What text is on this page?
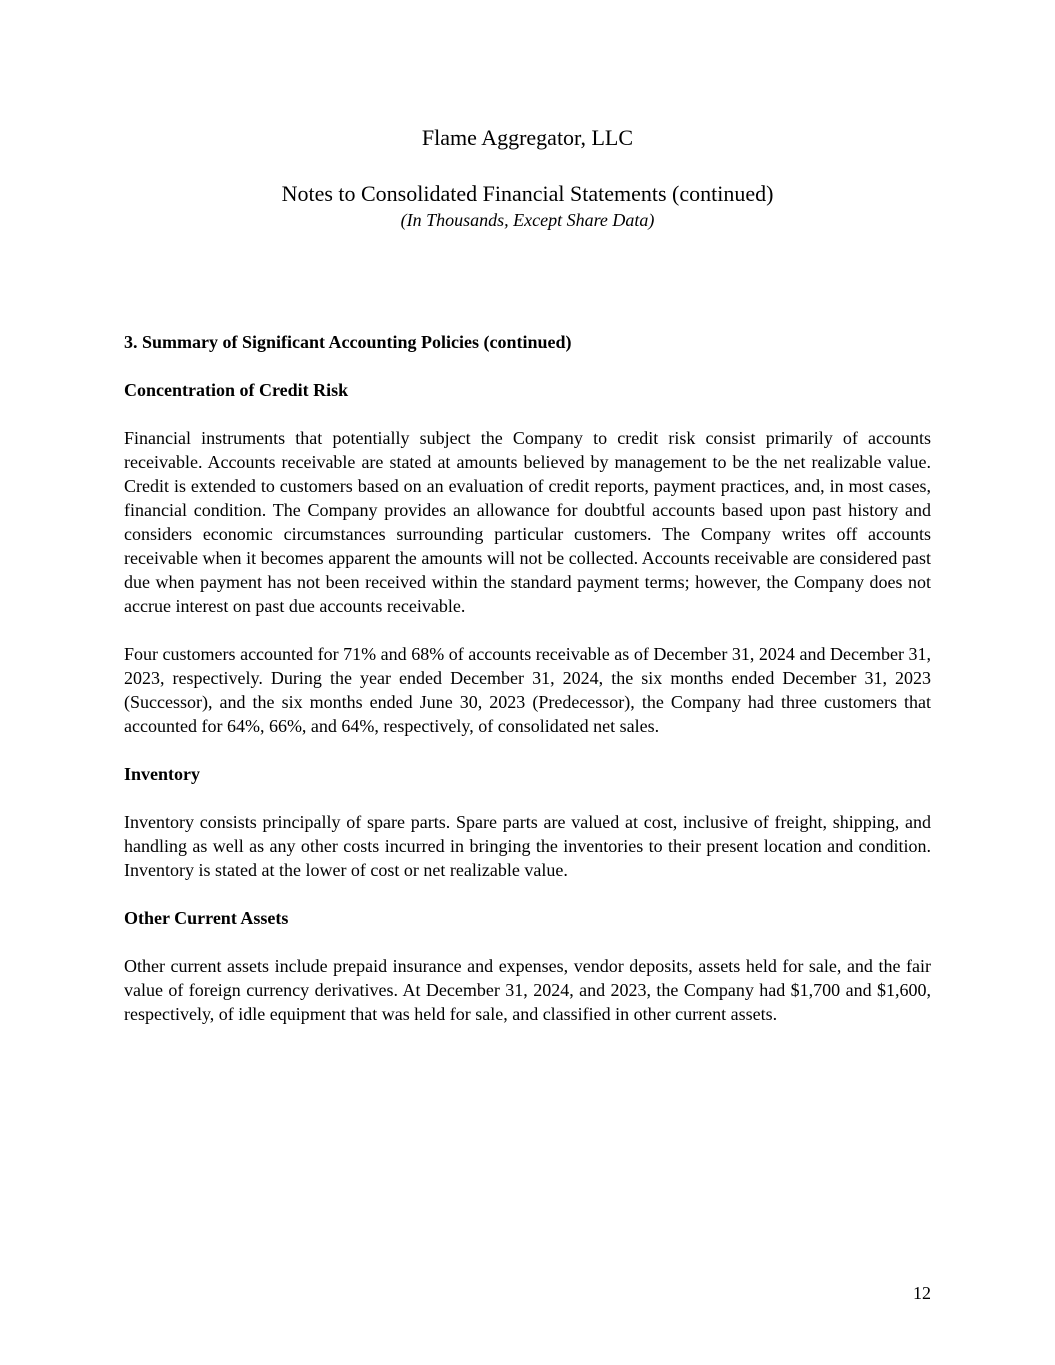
Flame Aggregator, LLC
Notes to Consolidated Financial Statements (continued)
(In Thousands, Except Share Data)
3. Summary of Significant Accounting Policies (continued)
Concentration of Credit Risk

Financial instruments that potentially subject the Company to credit risk consist primarily of accounts receivable. Accounts receivable are stated at amounts believed by management to be the net realizable value. Credit is extended to customers based on an evaluation of credit reports, payment practices, and, in most cases, financial condition. The Company provides an allowance for doubtful accounts based upon past history and considers economic circumstances surrounding particular customers. The Company writes off accounts receivable when it becomes apparent the amounts will not be collected. Accounts receivable are considered past due when payment has not been received within the standard payment terms; however, the Company does not accrue interest on past due accounts receivable.

Four customers accounted for 71% and 68% of accounts receivable as of December 31, 2024 and December 31, 2023, respectively. During the year ended December 31, 2024, the six months ended December 31, 2023 (Successor), and the six months ended June 30, 2023 (Predecessor), the Company had three customers that accounted for 64%, 66%, and 64%, respectively, of consolidated net sales.

Inventory

Inventory consists principally of spare parts. Spare parts are valued at cost, inclusive of freight, shipping, and handling as well as any other costs incurred in bringing the inventories to their present location and condition. Inventory is stated at the lower of cost or net realizable value.

Other Current Assets

Other current assets include prepaid insurance and expenses, vendor deposits, assets held for sale, and the fair value of foreign currency derivatives. At December 31, 2024, and 2023, the Company had $1,700 and $1,600, respectively, of idle equipment that was held for sale, and classified in other current assets.

12
